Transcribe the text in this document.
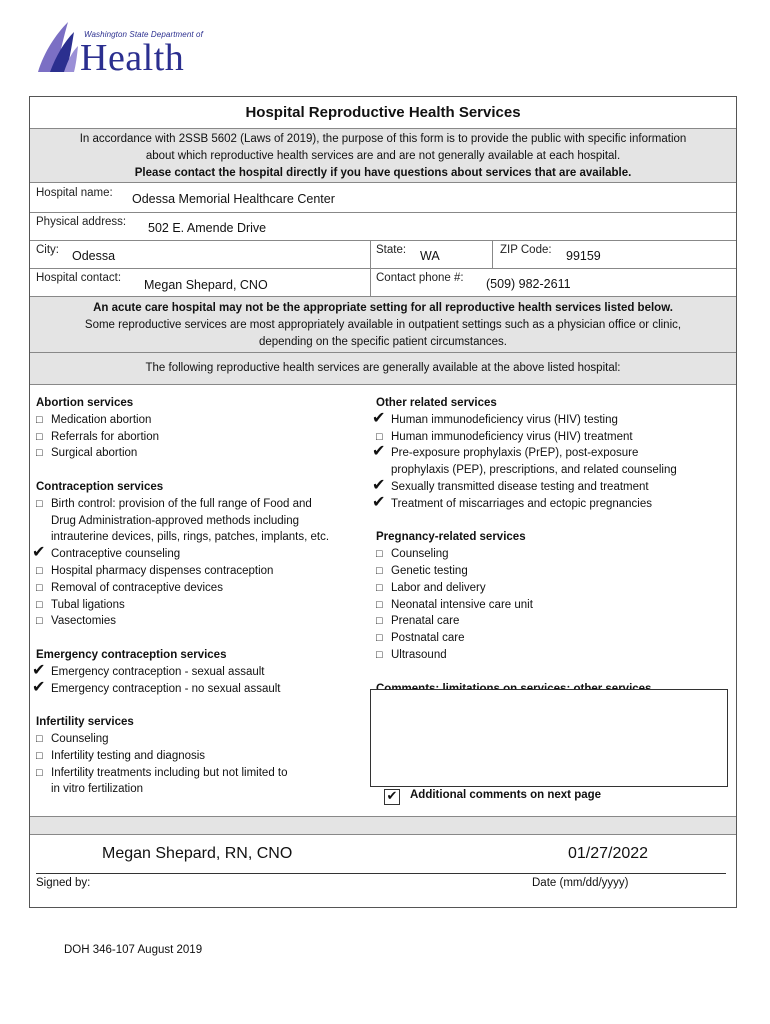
Washington State Department of
Health
Hospital Reproductive Health Services
In accordance with 2SSB 5602 (Laws of 2019), the purpose of this form is to provide the public with specific information
about which reproductive health services are and are not generally available at each hospital.
Please contact the hospital directly if you have questions about services that are available.
Hospital name: Odessa Memorial Healthcare Center
Physical address: 502 E. Amende Drive
City: Odessa	State: WA	ZIP Code: 99159
Hospital contact: Megan Shepard, CNO	Contact phone #: (509) 982-2611
An acute care hospital may not be the appropriate setting for all reproductive health services listed below.
Some reproductive services are most appropriately available in outpatient settings such as a physician office or clinic,
depending on the specific patient circumstances.
The following reproductive health services are generally available at the above listed hospital:
Abortion services
□ Medication abortion
□ Referrals for abortion
□ Surgical abortion
Contraception services
□ Birth control: provision of the full range of Food and
Drug Administration-approved methods including
intrauterine devices, pills, rings, patches, implants, etc.
✔ Contraceptive counseling
□ Hospital pharmacy dispenses contraception
□ Removal of contraceptive devices
□ Tubal ligations
□ Vasectomies
Emergency contraception services
✔ Emergency contraception - sexual assault
✔ Emergency contraception - no sexual assault
Infertility services
□ Counseling
□ Infertility testing and diagnosis
□ Infertility treatments including but not limited to
in vitro fertilization
Other related services
✔ Human immunodeficiency virus (HIV) testing
□ Human immunodeficiency virus (HIV) treatment
✔ Pre-exposure prophylaxis (PrEP), post-exposure
prophylaxis (PEP), prescriptions, and related counseling
✔ Sexually transmitted disease testing and treatment
✔ Treatment of miscarriages and ectopic pregnancies
Pregnancy-related services
□ Counseling
□ Genetic testing
□ Labor and delivery
□ Neonatal intensive care unit
□ Prenatal care
□ Postnatal care
□ Ultrasound
✔ Additional comments on next page
Megan Shepard, RN, CNO	01/27/2022
Signed by:	Date (mm/dd/yyyy)
DOH 346-107 August 2019
